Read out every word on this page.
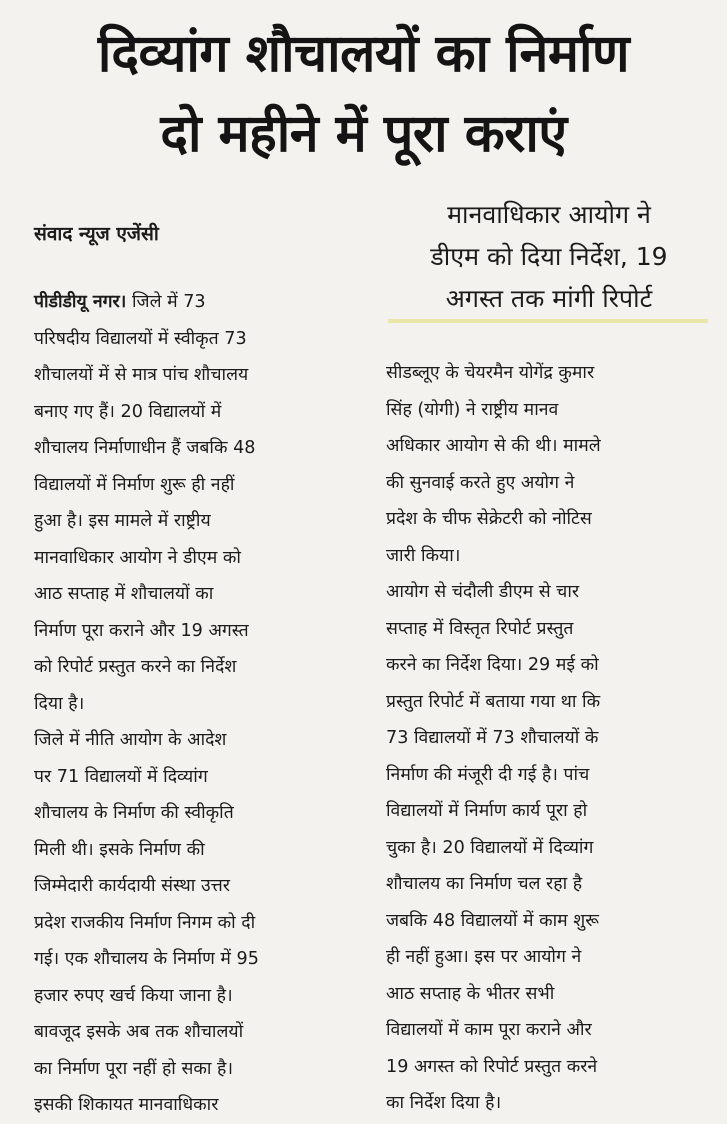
दिव्यांग शौचालयों का निर्माण
दो महीने में पूरा कराएं
संवाद न्यूज एजेंसी
मानवाधिकार आयोग ने
डीएम को दिया निर्देश, 19
अगस्त तक मांगी रिपोर्ट
पीडीडीयू नगर। जिले में 73
परिषदीय विद्यालयों में स्वीकृत 73
शौचालयों में से मात्र पांच शौचालय
बनाए गए हैं। 20 विद्यालयों में
शौचालय निर्माणाधीन हैं जबकि 48
विद्यालयों में निर्माण शुरू ही नहीं
हुआ है। इस मामले में राष्ट्रीय
मानवाधिकार आयोग ने डीएम को
आठ सप्ताह में शौचालयों का
निर्माण पूरा कराने और 19 अगस्त
को रिपोर्ट प्रस्तुत करने का निर्देश
दिया है।
जिले में नीति आयोग के आदेश
पर 71 विद्यालयों में दिव्यांग
शौचालय के निर्माण की स्वीकृति
मिली थी। इसके निर्माण की
जिम्मेदारी कार्यदायी संस्था उत्तर
प्रदेश राजकीय निर्माण निगम को दी
गई। एक शौचालय के निर्माण में 95
हजार रुपए खर्च किया जाना है।
बावजूद इसके अब तक शौचालयों
का निर्माण पूरा नहीं हो सका है।
इसकी शिकायत मानवाधिकार
सीडब्लूए के चेयरमैन योगेंद्र कुमार
सिंह (योगी) ने राष्ट्रीय मानव
अधिकार आयोग से की थी। मामले
की सुनवाई करते हुए अयोग ने
प्रदेश के चीफ सेक्रेटरी को नोटिस
जारी किया।
आयोग से चंदौली डीएम से चार
सप्ताह में विस्तृत रिपोर्ट प्रस्तुत
करने का निर्देश दिया। 29 मई को
प्रस्तुत रिपोर्ट में बताया गया था कि
73 विद्यालयों में 73 शौचालयों के
निर्माण की मंजूरी दी गई है। पांच
विद्यालयों में निर्माण कार्य पूरा हो
चुका है। 20 विद्यालयों में दिव्यांग
शौचालय का निर्माण चल रहा है
जबकि 48 विद्यालयों में काम शुरू
ही नहीं हुआ। इस पर आयोग ने
आठ सप्ताह के भीतर सभी
विद्यालयों में काम पूरा कराने और
19 अगस्त को रिपोर्ट प्रस्तुत करने
का निर्देश दिया है।
